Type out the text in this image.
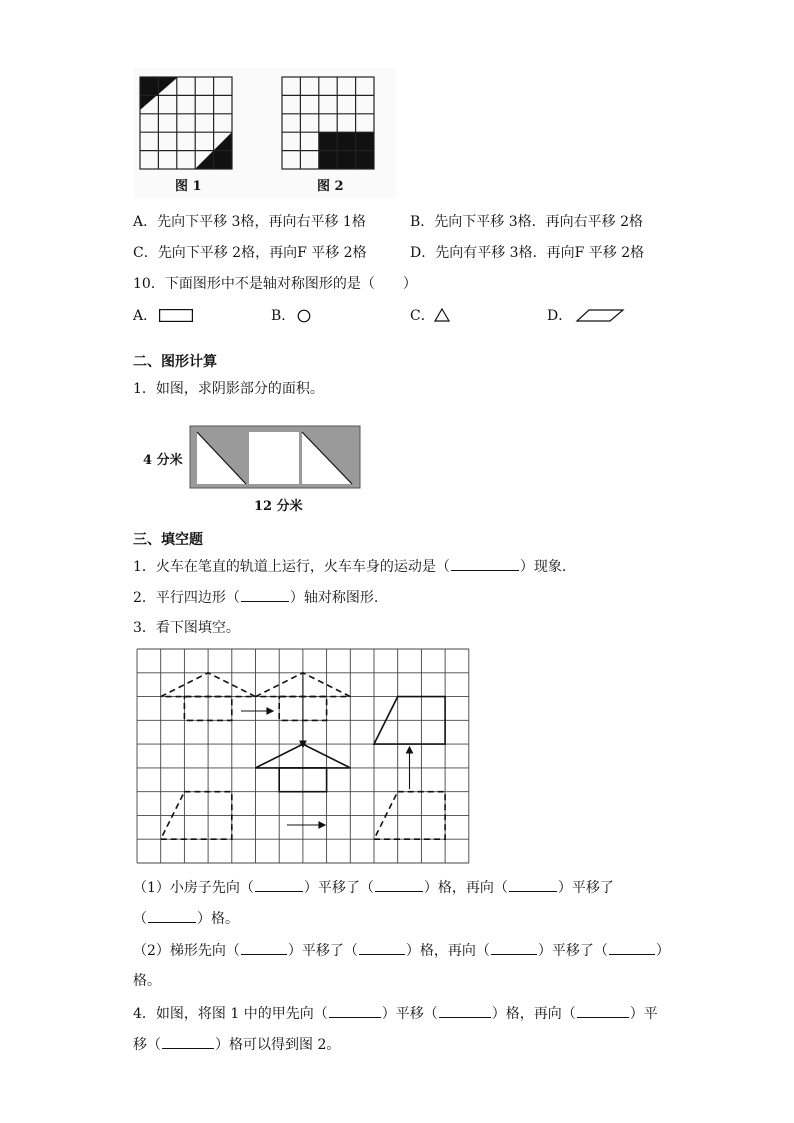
图 1	图 2
A．先向下平移 3格，再向右平移 1格	B．先向下平移 3格．再向右平移 2格
C．先向下平移 2格，再向F 平移 2格	D．先向有平移 3格．再向F 平移 2格
10．下面图形中不是轴对称图形的是（　　）
A．	B．	C．	D．
二、图形计算
1．如图，求阴影部分的面积。
4 分米
12 分米
三、填空题
1．火车在笔直的轨道上运行，火车车身的运动是（	）现象.
2．平行四边形（	）轴对称图形.
3．看下图填空。
（1）小房子先向（	）平移了（	）格，再向（	）平移了
（	）格。
（2）梯形先向（	）平移了（	）格，再向（	）平移了（	）
格。
4．如图，将图 1 中的甲先向（	）平移（	）格，再向（	）平
移（	）格可以得到图 2。
